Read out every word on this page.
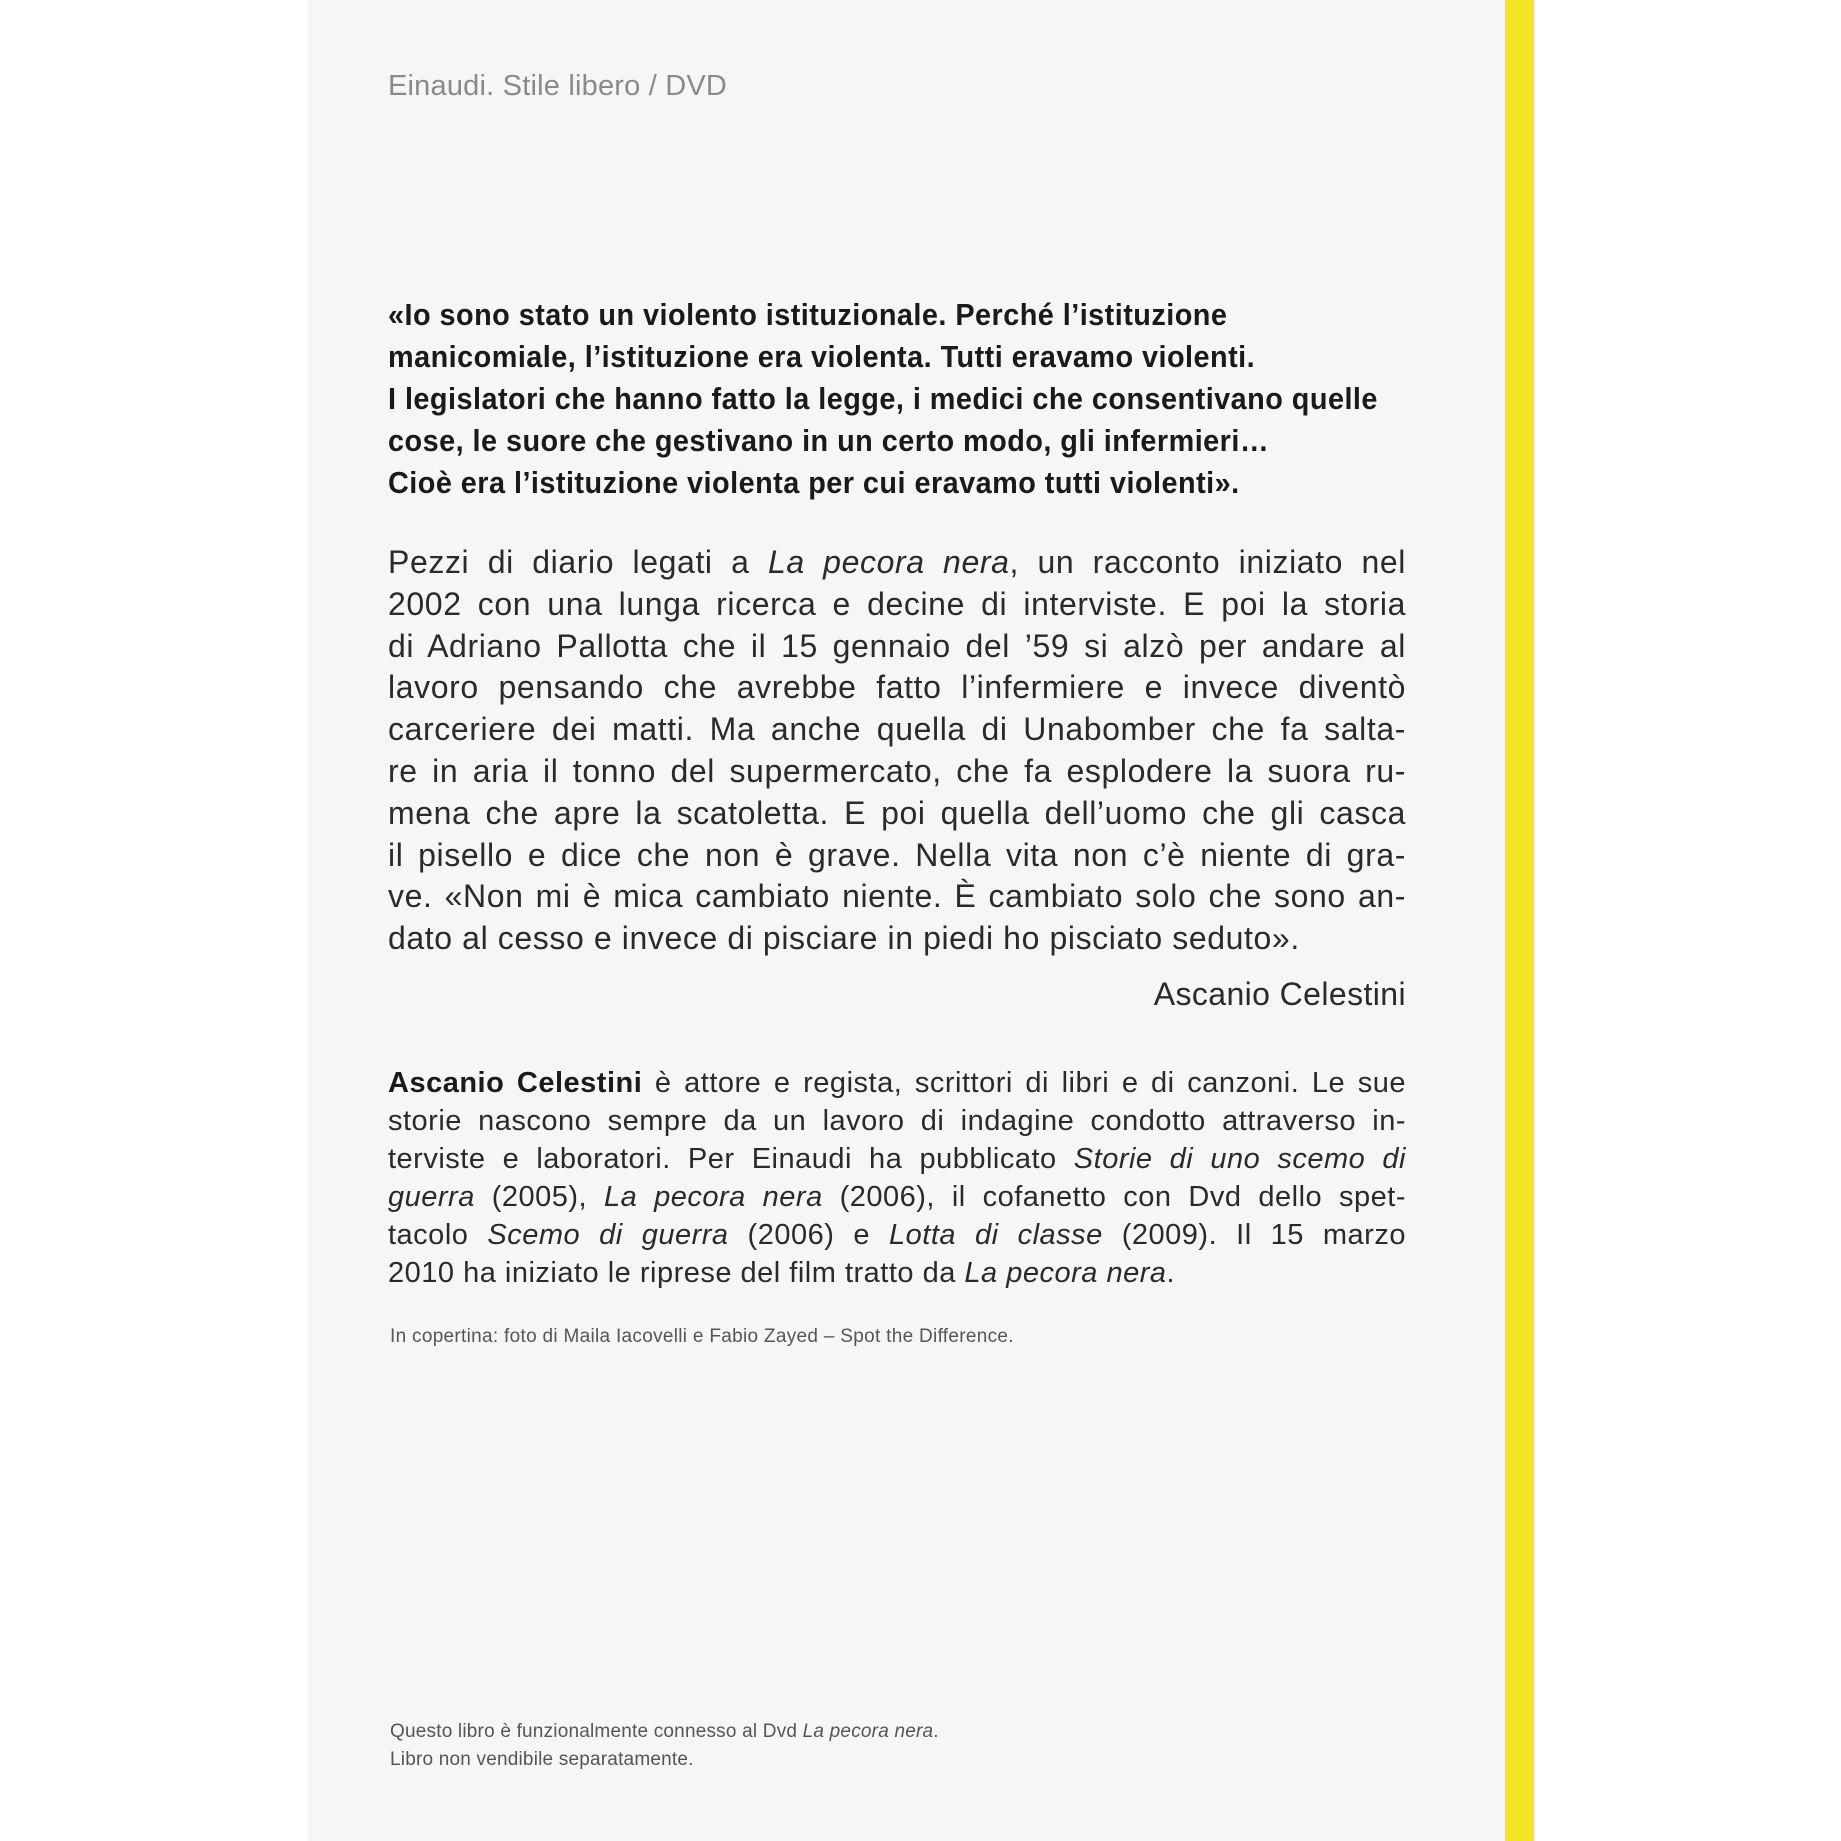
Einaudi. Stile libero / DVD
«Io sono stato un violento istituzionale. Perché l’istituzione
manicomiale, l’istituzione era violenta. Tutti eravamo violenti.
I legislatori che hanno fatto la legge, i medici che consentivano quelle
cose, le suore che gestivano in un certo modo, gli infermieri…
Cioè era l’istituzione violenta per cui eravamo tutti violenti».
Pezzi di diario legati a La pecora nera, un racconto iniziato nel
2002 con una lunga ricerca e decine di interviste. E poi la storia
di Adriano Pallotta che il 15 gennaio del ’59 si alzò per andare al
lavoro pensando che avrebbe fatto l’infermiere e invece diventò
carceriere dei matti. Ma anche quella di Unabomber che fa salta-
re in aria il tonno del supermercato, che fa esplodere la suora ru-
mena che apre la scatoletta. E poi quella dell’uomo che gli casca
il pisello e dice che non è grave. Nella vita non c’è niente di gra-
ve. «Non mi è mica cambiato niente. È cambiato solo che sono an-
dato al cesso e invece di pisciare in piedi ho pisciato seduto».
Ascanio Celestini
Ascanio Celestini è attore e regista, scrittori di libri e di canzoni. Le sue
storie nascono sempre da un lavoro di indagine condotto attraverso in-
terviste e laboratori. Per Einaudi ha pubblicato Storie di uno scemo di
guerra (2005), La pecora nera (2006), il cofanetto con Dvd dello spet-
tacolo Scemo di guerra (2006) e Lotta di classe (2009). Il 15 marzo
2010 ha iniziato le riprese del film tratto da La pecora nera.
In copertina: foto di Maila Iacovelli e Fabio Zayed – Spot the Difference.
Questo libro è funzionalmente connesso al Dvd La pecora nera.
Libro non vendibile separatamente.
